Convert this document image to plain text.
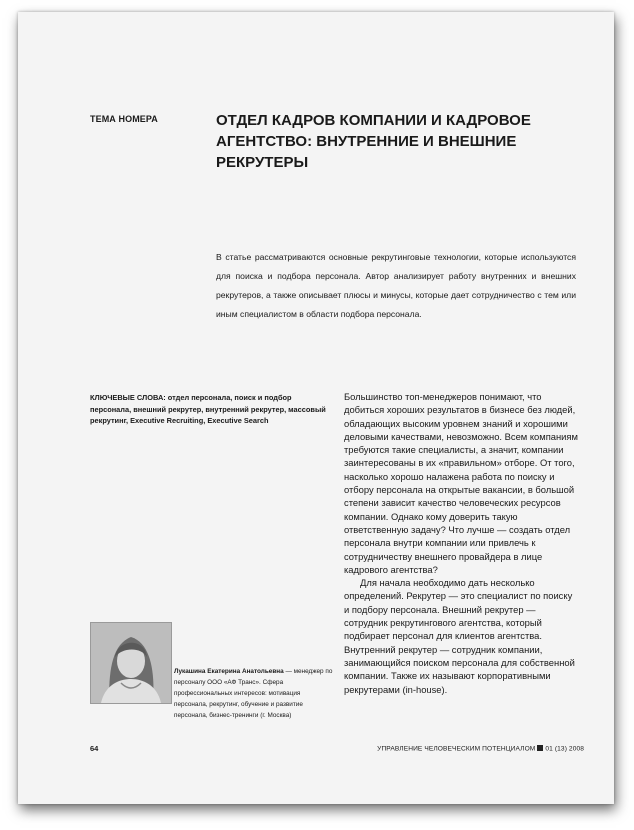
ТЕМА НОМЕРА	ОТДЕЛ КАДРОВ КОМПАНИИ И КАДРОВОЕ АГЕНТСТВО: ВНУТРЕННИЕ И ВНЕШНИЕ РЕКРУТЕРЫ
В статье рассматриваются основные рекрутинговые технологии, которые используются для поиска и подбора персонала. Автор анализирует работу внутренних и внешних рекрутеров, а также описывает плюсы и минусы, которые дает сотрудничество с тем или иным специалистом в области подбора персонала.
КЛЮЧЕВЫЕ СЛОВА: отдел персонала, поиск и подбор персонала, внешний рекрутер, внутренний рекрутер, массовый рекрутинг, Executive Recruiting, Executive Search
Лукашина Екатерина Анатольевна — менеджер по персоналу ООО «АФ Транс». Сфера профессиональных интересов: мотивация персонала, рекрутинг, обучение и развитие персонала, бизнес-тренинги (г. Москва)

Большинство топ-менеджеров понимают, что добиться хороших результатов в бизнесе без людей, обладающих высоким уровнем знаний и хорошими деловыми качествами, невозможно. Всем компаниям требуются такие специалисты, а значит, компании заинтересованы в их «правильном» отборе. От того, насколько хорошо налажена работа по поиску и отбору персонала на открытые вакансии, в большой степени зависит качество человеческих ресурсов компании. Однако кому доверить такую ответственную задачу? Что лучше — создать отдел персонала внутри компании или привлечь к сотрудничеству внешнего провайдера в лице кадрового агентства?

Для начала необходимо дать несколько определений. Рекрутер — это специалист по поиску и подбору персонала. Внешний рекрутер — сотрудник рекрутингового агентства, который подбирает персонал для клиентов агентства. Внутренний рекрутер — сотрудник компании, занимающийся поиском персонала для собственной компании. Также их называют корпоративными рекрутерами (in-house).

64	УПРАВЛЕНИЕ ЧЕЛОВЕЧЕСКИМ ПОТЕНЦИАЛОМ 01 (13) 2008
